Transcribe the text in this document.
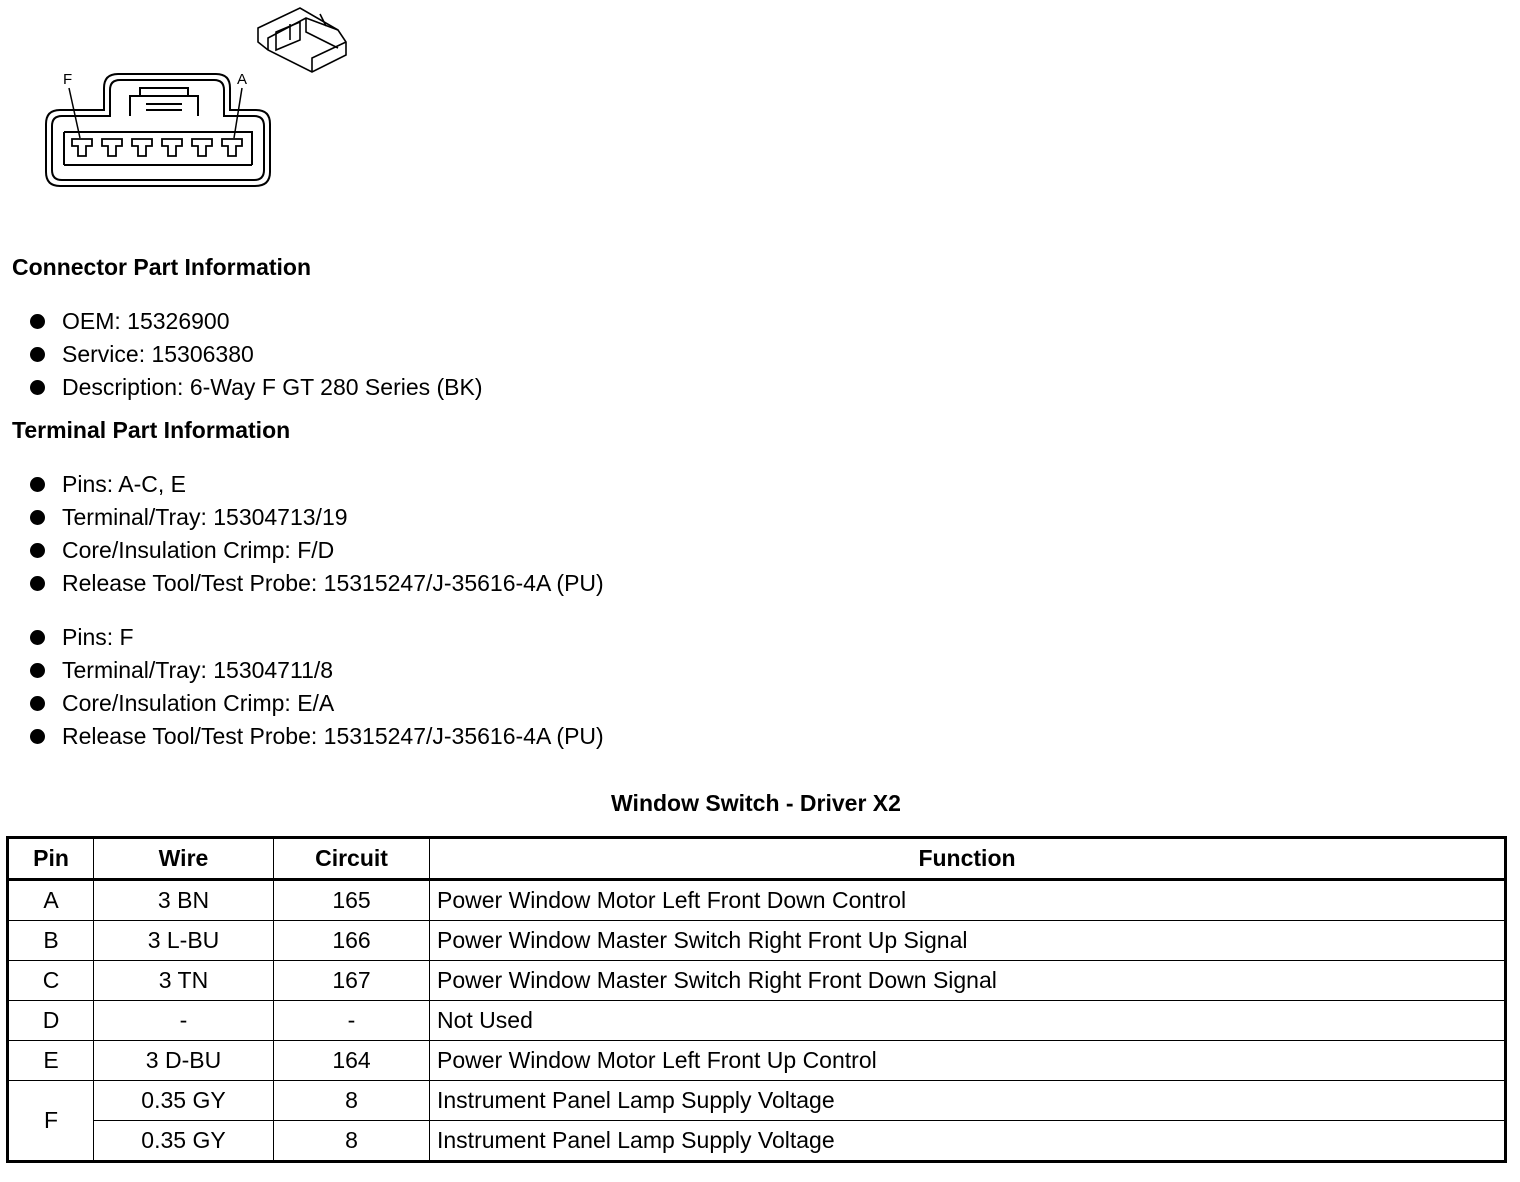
F	A
Connector Part Information
OEM: 15326900
Service: 15306380
Description: 6-Way F GT 280 Series (BK)
Terminal Part Information
Pins: A-C, E
Terminal/Tray: 15304713/19
Core/Insulation Crimp: F/D
Release Tool/Test Probe: 15315247/J-35616-4A (PU)
Pins: F
Terminal/Tray: 15304711/8
Core/Insulation Crimp: E/A
Release Tool/Test Probe: 15315247/J-35616-4A (PU)
Window Switch - Driver X2
Pin	Wire	Circuit	Function
A	3 BN	165	Power Window Motor Left Front Down Control
B	3 L-BU	166	Power Window Master Switch Right Front Up Signal
C	3 TN	167	Power Window Master Switch Right Front Down Signal
D	-	-	Not Used
E	3 D-BU	164	Power Window Motor Left Front Up Control
F	0.35 GY	8	Instrument Panel Lamp Supply Voltage
	0.35 GY	8	Instrument Panel Lamp Supply Voltage
